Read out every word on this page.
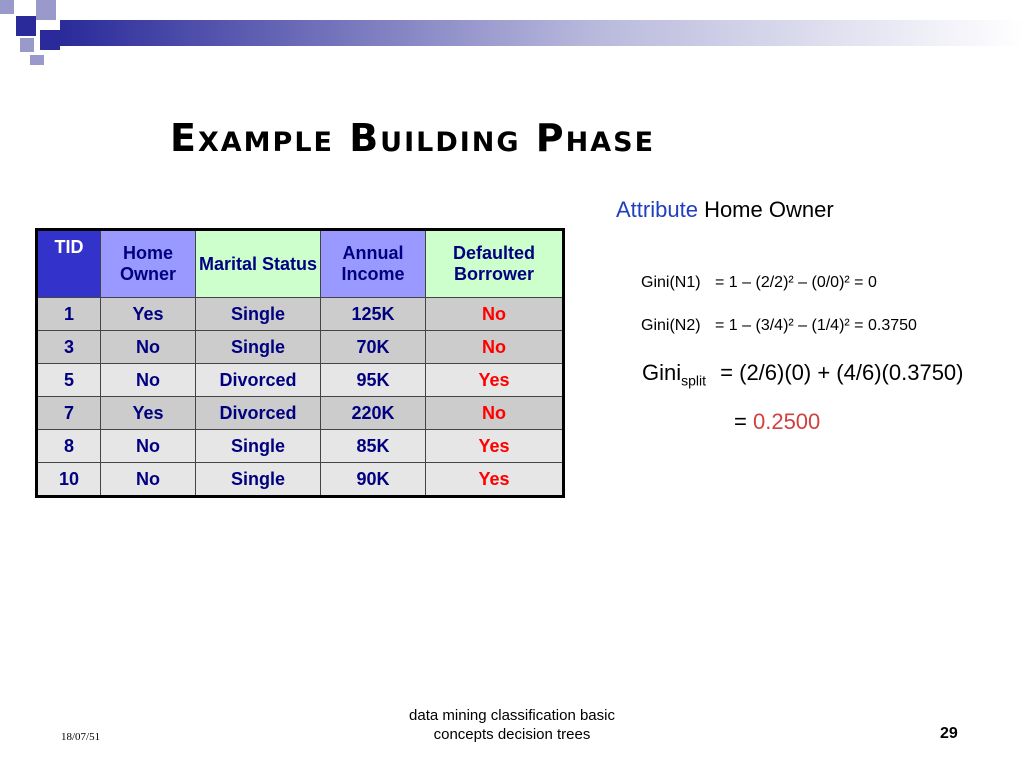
Example Building Phase
TID	Home Owner	Marital Status	Annual Income	Defaulted Borrower
1	Yes	Single	125K	No
3	No	Single	70K	No
5	No	Divorced	95K	Yes
7	Yes	Divorced	220K	No
8	No	Single	85K	Yes
10	No	Single	90K	Yes
Attribute Home Owner
Gini(N1) = 1 – (2/2)² – (0/0)² = 0
Gini(N2) = 1 – (3/4)² – (1/4)² = 0.3750
Gini$_{split}$ = (2/6)(0) + (4/6)(0.3750)
= 0.2500
data mining classification basic
concepts decision trees
18/07/51	29
